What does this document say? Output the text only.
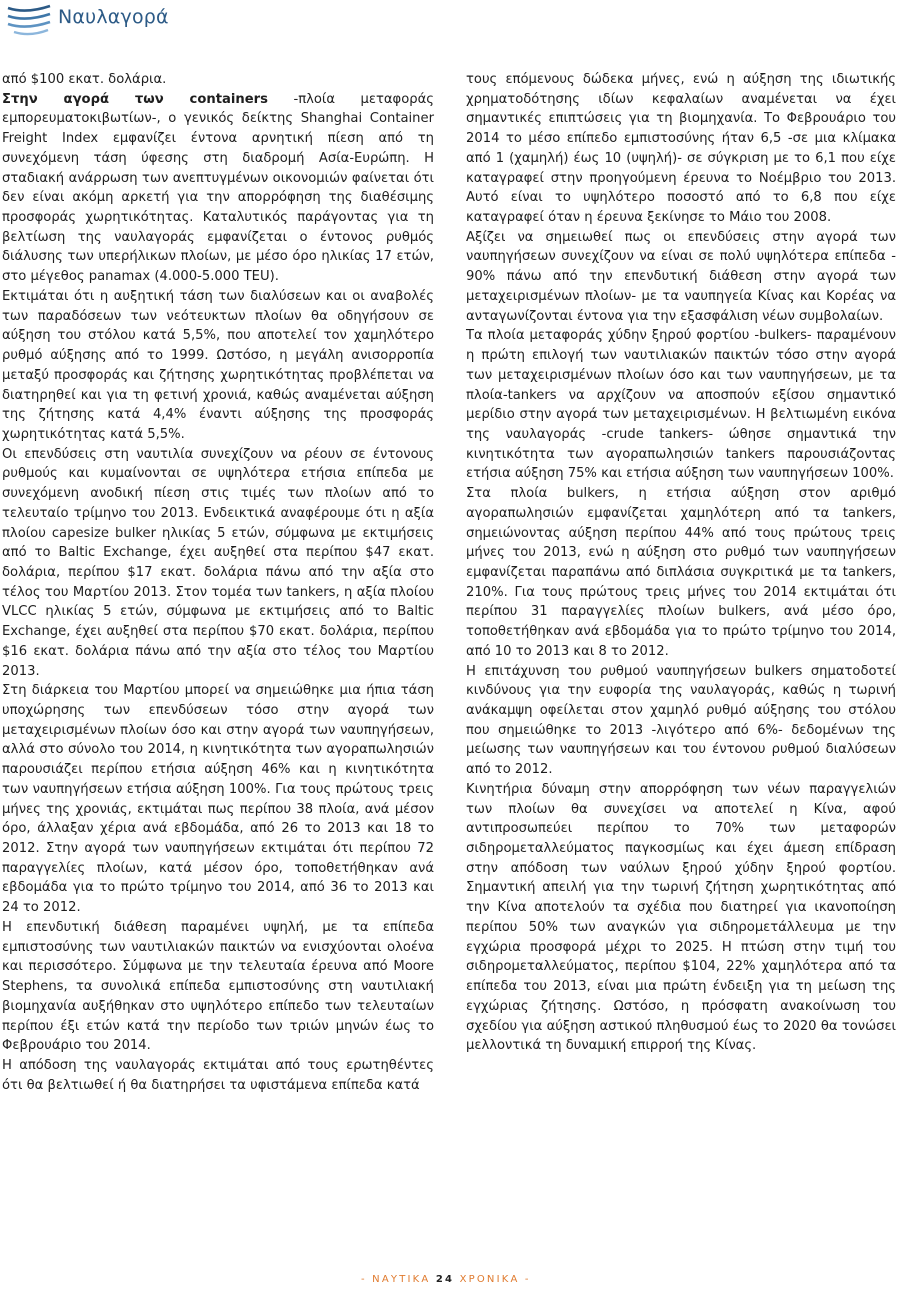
Ναυλαγορά

από $100 εκατ. δολάρια.

Στην αγορά των containers -πλοία μεταφοράς εμπορευματοκιβωτίων-, ο γενικός δείκτης Shanghai Container Freight Index εμφανίζει έντονα αρνητική πίεση από τη συνεχόμενη τάση ύφεσης στη διαδρομή Ασία-Ευρώπη. Η σταδιακή ανάρρωση των ανεπτυγμένων οικονομιών φαίνεται ότι δεν είναι ακόμη αρκετή για την απορρόφηση της διαθέσιμης προσφοράς χωρητικότητας. Καταλυτικός παράγοντας για τη βελτίωση της ναυλαγοράς εμφανίζεται ο έντονος ρυθμός διάλυσης των υπερήλικων πλοίων, με μέσο όρο ηλικίας 17 ετών, στο μέγεθος panamax (4.000-5.000 TEU).

Εκτιμάται ότι η αυξητική τάση των διαλύσεων και οι αναβολές των παραδόσεων των νεότευκτων πλοίων θα οδηγήσουν σε αύξηση του στόλου κατά 5,5%, που αποτελεί τον χαμηλότερο ρυθμό αύξησης από το 1999. Ωστόσο, η μεγάλη ανισορροπία μεταξύ προσφοράς και ζήτησης χωρητικότητας προβλέπεται να διατηρηθεί και για τη φετινή χρονιά, καθώς αναμένεται αύξηση της ζήτησης κατά 4,4% έναντι αύξησης της προσφοράς χωρητικότητας κατά 5,5%.

Οι επενδύσεις στη ναυτιλία συνεχίζουν να ρέουν σε έντονους ρυθμούς και κυμαίνονται σε υψηλότερα ετήσια επίπεδα με συνεχόμενη ανοδική πίεση στις τιμές των πλοίων από το τελευταίο τρίμηνο του 2013. Ενδεικτικά αναφέρουμε ότι η αξία πλοίου capesize bulker ηλικίας 5 ετών, σύμφωνα με εκτιμήσεις από το Baltic Exchange, έχει αυξηθεί στα περίπου $47 εκατ. δολάρια, περίπου $17 εκατ. δολάρια πάνω από την αξία στο τέλος του Μαρτίου 2013. Στον τομέα των tankers, η αξία πλοίου VLCC ηλικίας 5 ετών, σύμφωνα με εκτιμήσεις από το Baltic Exchange, έχει αυξηθεί στα περίπου $70 εκατ. δολάρια, περίπου $16 εκατ. δολάρια πάνω από την αξία στο τέλος του Μαρτίου 2013.

Στη διάρκεια του Μαρτίου μπορεί να σημειώθηκε μια ήπια τάση υποχώρησης των επενδύσεων τόσο στην αγορά των μεταχειρισμένων πλοίων όσο και στην αγορά των ναυπηγήσεων, αλλά στο σύνολο του 2014, η κινητικότητα των αγοραπωλησιών παρουσιάζει περίπου ετήσια αύξηση 46% και η κινητικότητα των ναυπηγήσεων ετήσια αύξηση 100%. Για τους πρώτους τρεις μήνες της χρονιάς, εκτιμάται πως περίπου 38 πλοία, ανά μέσον όρο, άλλαξαν χέρια ανά εβδομάδα, από 26 το 2013 και 18 το 2012. Στην αγορά των ναυπηγήσεων εκτιμάται ότι περίπου 72 παραγγελίες πλοίων, κατά μέσον όρο, τοποθετήθηκαν ανά εβδομάδα για το πρώτο τρίμηνο του 2014, από 36 το 2013 και 24 το 2012.

Η επενδυτική διάθεση παραμένει υψηλή, με τα επίπεδα εμπιστοσύνης των ναυτιλιακών παικτών να ενισχύονται ολοένα και περισσότερο. Σύμφωνα με την τελευταία έρευνα από Moore Stephens, τα συνολικά επίπεδα εμπιστοσύνης στη ναυτιλιακή βιομηχανία αυξήθηκαν στο υψηλότερο επίπεδο των τελευταίων περίπου έξι ετών κατά την περίοδο των τριών μηνών έως το Φεβρουάριο του 2014.

Η απόδοση της ναυλαγοράς εκτιμάται από τους ερωτηθέντες ότι θα βελτιωθεί ή θα διατηρήσει τα υφιστάμενα επίπεδα κατά

τους επόμενους δώδεκα μήνες, ενώ η αύξηση της ιδιωτικής χρηματοδότησης ιδίων κεφαλαίων αναμένεται να έχει σημαντικές επιπτώσεις για τη βιομηχανία. Το Φεβρουάριο του 2014 το μέσο επίπεδο εμπιστοσύνης ήταν 6,5 -σε μια κλίμακα από 1 (χαμηλή) έως 10 (υψηλή)- σε σύγκριση με το 6,1 που είχε καταγραφεί στην προηγούμενη έρευνα το Νοέμβριο του 2013. Αυτό είναι το υψηλότερο ποσοστό από το 6,8 που είχε καταγραφεί όταν η έρευνα ξεκίνησε το Μάιο του 2008.

Αξίζει να σημειωθεί πως οι επενδύσεις στην αγορά των ναυπηγήσεων συνεχίζουν να είναι σε πολύ υψηλότερα επίπεδα - 90% πάνω από την επενδυτική διάθεση στην αγορά των μεταχειρισμένων πλοίων- με τα ναυπηγεία Κίνας και Κορέας να ανταγωνίζονται έντονα για την εξασφάλιση νέων συμβολαίων.

Τα πλοία μεταφοράς χύδην ξηρού φορτίου -bulkers- παραμένουν η πρώτη επιλογή των ναυτιλιακών παικτών τόσο στην αγορά των μεταχειρισμένων πλοίων όσο και των ναυπηγήσεων, με τα πλοία-tankers να αρχίζουν να αποσπούν εξίσου σημαντικό μερίδιο στην αγορά των μεταχειρισμένων. Η βελτιωμένη εικόνα της ναυλαγοράς -crude tankers- ώθησε σημαντικά την κινητικότητα των αγοραπωλησιών tankers παρουσιάζοντας ετήσια αύξηση 75% και ετήσια αύξηση των ναυπηγήσεων 100%.

Στα πλοία bulkers, η ετήσια αύξηση στον αριθμό αγοραπωλησιών εμφανίζεται χαμηλότερη από τα tankers, σημειώνοντας αύξηση περίπου 44% από τους πρώτους τρεις μήνες του 2013, ενώ η αύξηση στο ρυθμό των ναυπηγήσεων εμφανίζεται παραπάνω από διπλάσια συγκριτικά με τα tankers, 210%. Για τους πρώτους τρεις μήνες του 2014 εκτιμάται ότι περίπου 31 παραγγελίες πλοίων bulkers, ανά μέσο όρο, τοποθετήθηκαν ανά εβδομάδα για το πρώτο τρίμηνο του 2014, από 10 το 2013 και 8 το 2012.

Η επιτάχυνση του ρυθμού ναυπηγήσεων bulkers σηματοδοτεί κινδύνους για την ευφορία της ναυλαγοράς, καθώς η τωρινή ανάκαμψη οφείλεται στον χαμηλό ρυθμό αύξησης του στόλου που σημειώθηκε το 2013 -λιγότερο από 6%- δεδομένων της μείωσης των ναυπηγήσεων και του έντονου ρυθμού διαλύσεων από το 2012.

Κινητήρια δύναμη στην απορρόφηση των νέων παραγγελιών των πλοίων θα συνεχίσει να αποτελεί η Κίνα, αφού αντιπροσωπεύει περίπου το 70% των μεταφορών σιδηρομεταλλεύματος παγκοσμίως και έχει άμεση επίδραση στην απόδοση των ναύλων ξηρού χύδην ξηρού φορτίου. Σημαντική απειλή για την τωρινή ζήτηση χωρητικότητας από την Κίνα αποτελούν τα σχέδια που διατηρεί για ικανοποίηση περίπου 50% των αναγκών για σιδηρομετάλλευμα με την εγχώρια προσφορά μέχρι το 2025. Η πτώση στην τιμή του σιδηρομεταλλεύματος, περίπου $104, 22% χαμηλότερα από τα επίπεδα του 2013, είναι μια πρώτη ένδειξη για τη μείωση της εγχώριας ζήτησης. Ωστόσο, η πρόσφατη ανακοίνωση του σχεδίου για αύξηση αστικού πληθυσμού έως το 2020 θα τονώσει μελλοντικά τη δυναμική επιρροή της Κίνας.

- ΝΑΥΤΙΚΑ 24 ΧΡΟΝΙΚΑ -
